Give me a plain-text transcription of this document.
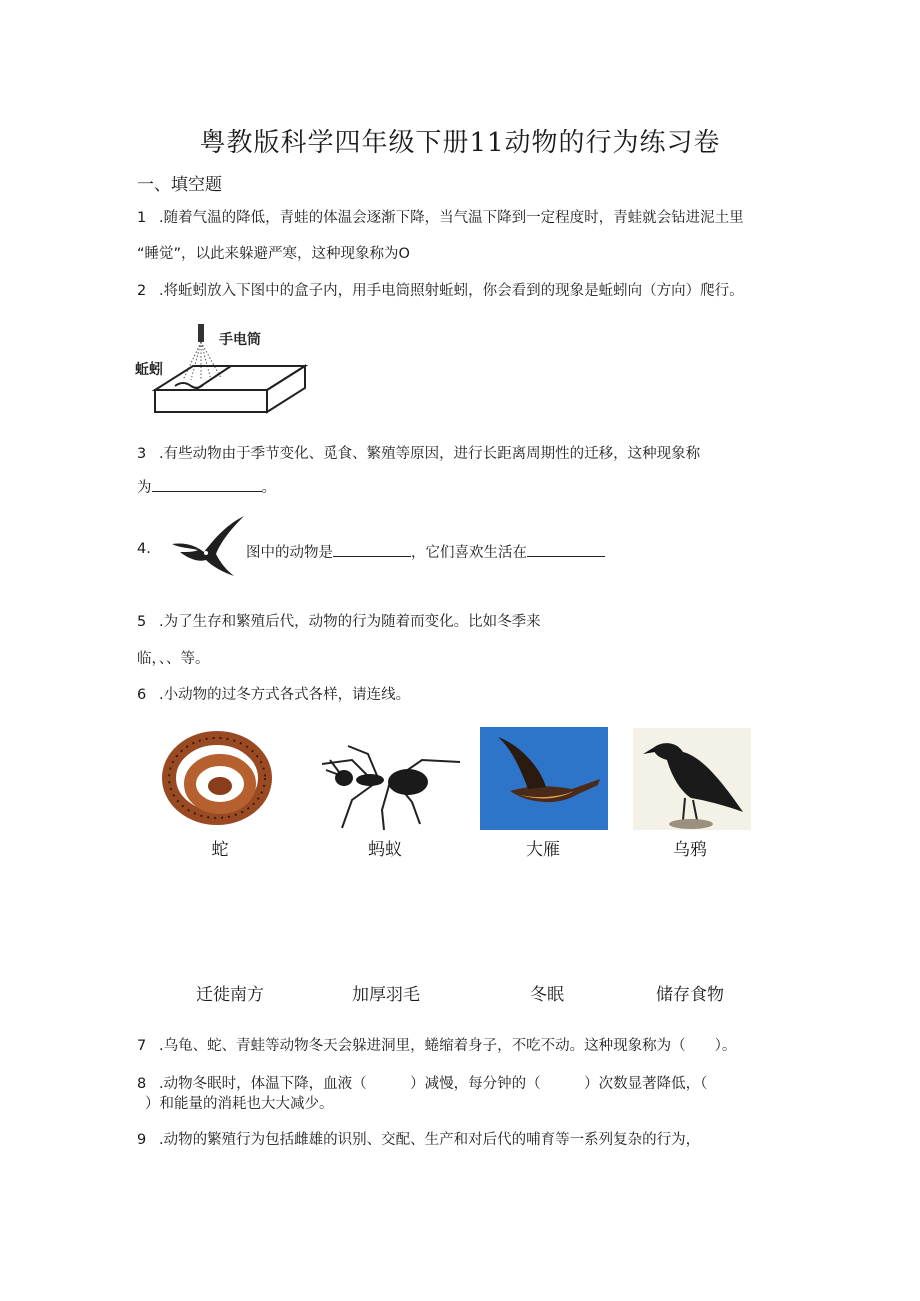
粤教版科学四年级下册11动物的行为练习卷
一、填空题
1 .随着气温的降低，青蛙的体温会逐渐下降，当气温下降到一定程度时，青蛙就会钻进泥土里
“睡觉”，以此来躲避严寒，这种现象称为O
2 .将蚯蚓放入下图中的盒子内，用手电筒照射蚯蚓，你会看到的现象是蚯蚓向（方向）爬行。
手电筒
蚯蚓
3 .有些动物由于季节变化、觅食、繁殖等原因，进行长距离周期性的迁移，这种现象称
为	。
4.	图中的动物是	，它们喜欢生活在
5 .为了生存和繁殖后代，动物的行为随着而变化。比如冬季来
临，、、等。
6 .小动物的过冬方式各式各样，请连线。
蛇	蚂蚁	大雁	乌鸦
迁徙南方	加厚羽毛	冬眠	储存食物
7 .乌龟、蛇、青蛙等动物冬天会躲进洞里，蜷缩着身子，不吃不动。这种现象称为（　　）。
8 .动物冬眠时，体温下降，血液（　　　）减慢，每分钟的（　　　）次数显著降低，（
）和能量的消耗也大大减少。
9 .动物的繁殖行为包括雌雄的识别、交配、生产和对后代的哺育等一系列复杂的行为，
